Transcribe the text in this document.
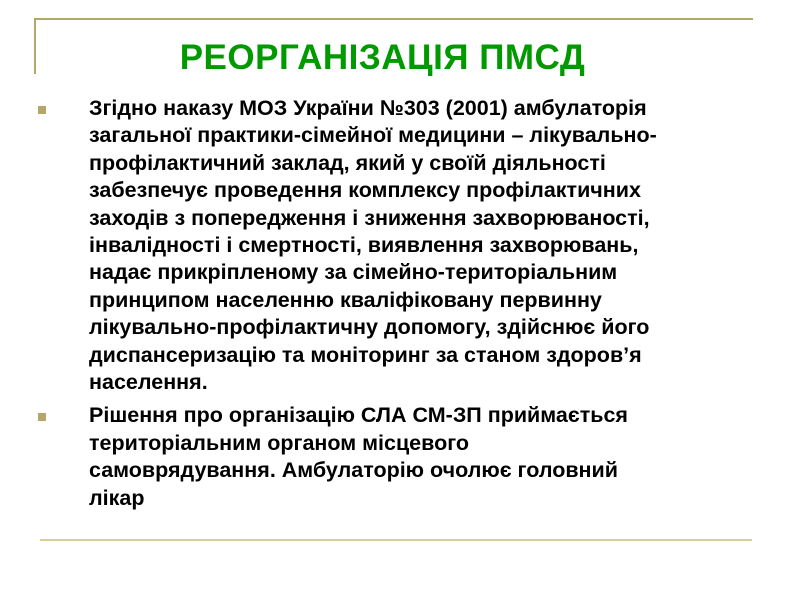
РЕОРГАНІЗАЦІЯ ПМСД
Згідно наказу МОЗ України №303 (2001) амбулаторія
загальної практики-сімейної медицини – лікувально-
профілактичний заклад, який у своїй діяльності
забезпечує проведення комплексу профілактичних
заходів з попередження і зниження захворюваності,
інвалідності і смертності, виявлення захворювань,
надає прикріпленому за сімейно-територіальним
принципом населенню кваліфіковану первинну
лікувально-профілактичну допомогу, здійснює його
диспансеризацію та моніторинг за станом здоров’я
населення.
Рішення про організацію СЛА СМ-ЗП приймається
територіальним органом місцевого
самоврядування. Амбулаторію очолює головний
лікар
